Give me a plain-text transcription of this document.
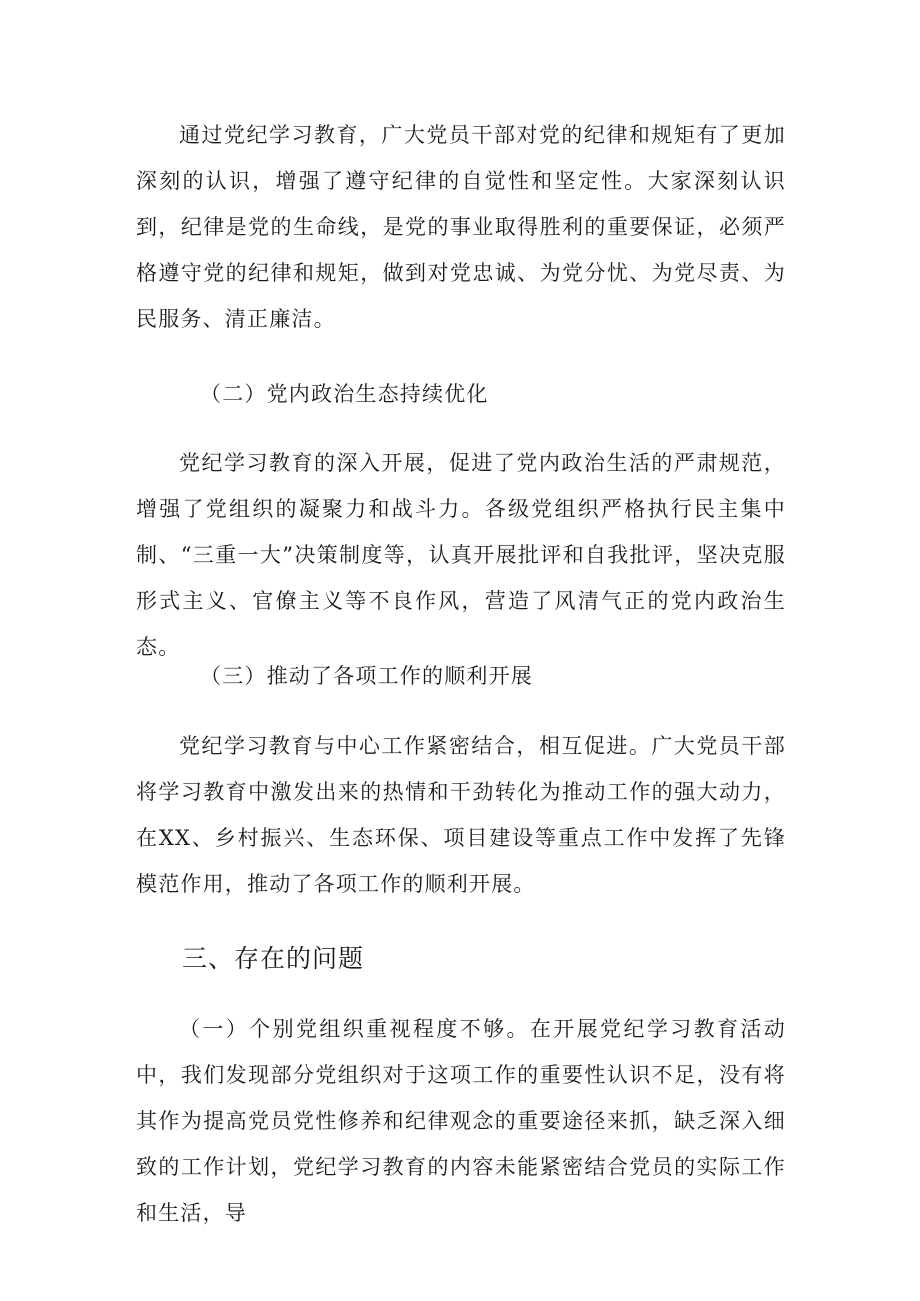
通过党纪学习教育，广大党员干部对党的纪律和规矩有了更加深刻的认识，增强了遵守纪律的自觉性和坚定性。大家深刻认识到，纪律是党的生命线，是党的事业取得胜利的重要保证，必须严格遵守党的纪律和规矩，做到对党忠诚、为党分忧、为党尽责、为民服务、清正廉洁。

（二）党内政治生态持续优化

党纪学习教育的深入开展，促进了党内政治生活的严肃规范，增强了党组织的凝聚力和战斗力。各级党组织严格执行民主集中制、“三重一大”决策制度等，认真开展批评和自我批评，坚决克服形式主义、官僚主义等不良作风，营造了风清气正的党内政治生态。

（三）推动了各项工作的顺利开展

党纪学习教育与中心工作紧密结合，相互促进。广大党员干部将学习教育中激发出来的热情和干劲转化为推动工作的强大动力，在XX、乡村振兴、生态环保、项目建设等重点工作中发挥了先锋模范作用，推动了各项工作的顺利开展。

三、存在的问题

（一）个别党组织重视程度不够。在开展党纪学习教育活动中，我们发现部分党组织对于这项工作的重要性认识不足，没有将其作为提高党员党性修养和纪律观念的重要途径来抓，缺乏深入细致的工作计划，党纪学习教育的内容未能紧密结合党员的实际工作和生活，导
